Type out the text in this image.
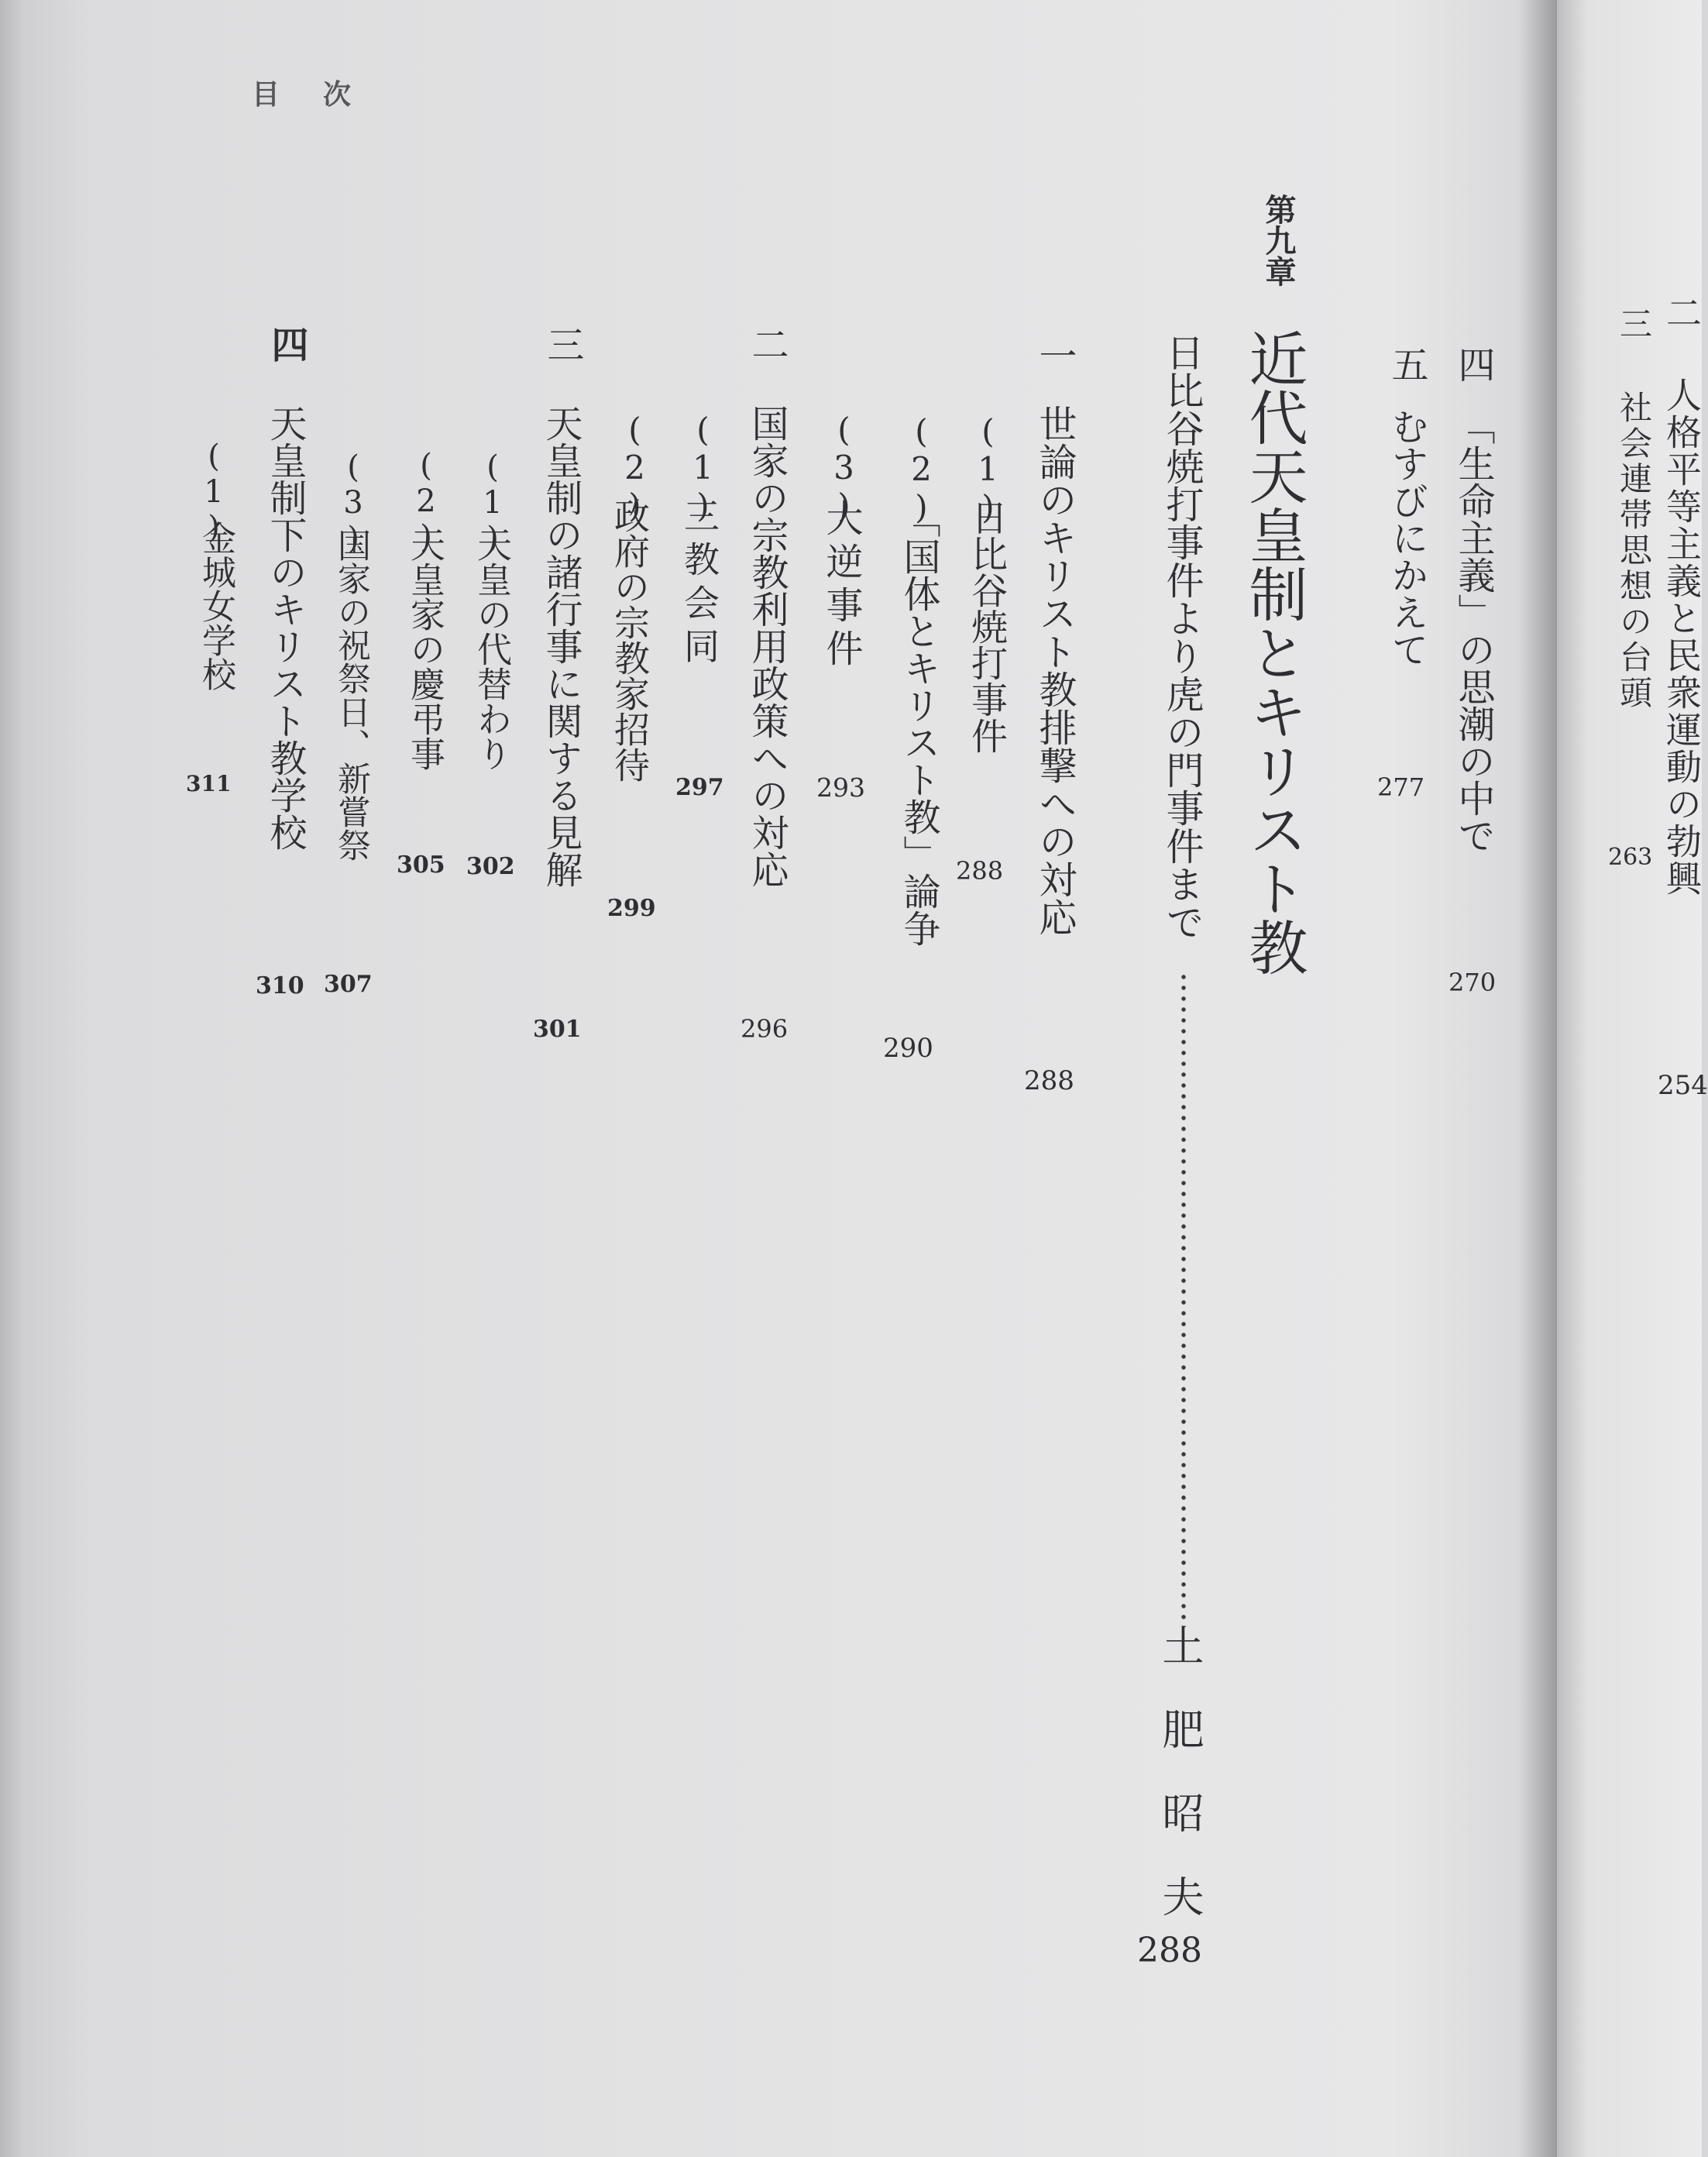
目　次
二
人格平等主義と民衆運動の勃興
254
三
社会連帯思想の台頭
263
四
「生命主義」の思潮の中で
270
五
むすびにかえて
277
第九章
近代天皇制とキリスト教
日比谷焼打事件より虎の門事件まで
土　肥　昭　夫
288
一
世論のキリスト教排撃への対応
288
(1)
日比谷焼打事件
288
(2)
「国体とキリスト教」論争
290
(3)
大逆事件
293
二
国家の宗教利用政策への対応
296
(1)
三教会同
297
(2)
政府の宗教家招待
299
三
天皇制の諸行事に関する見解
301
(1)
天皇の代替わり
302
(2)
天皇家の慶弔事
305
(3)
国家の祝祭日、新嘗祭
307
四
天皇制下のキリスト教学校
310
(1)
金城女学校
311
